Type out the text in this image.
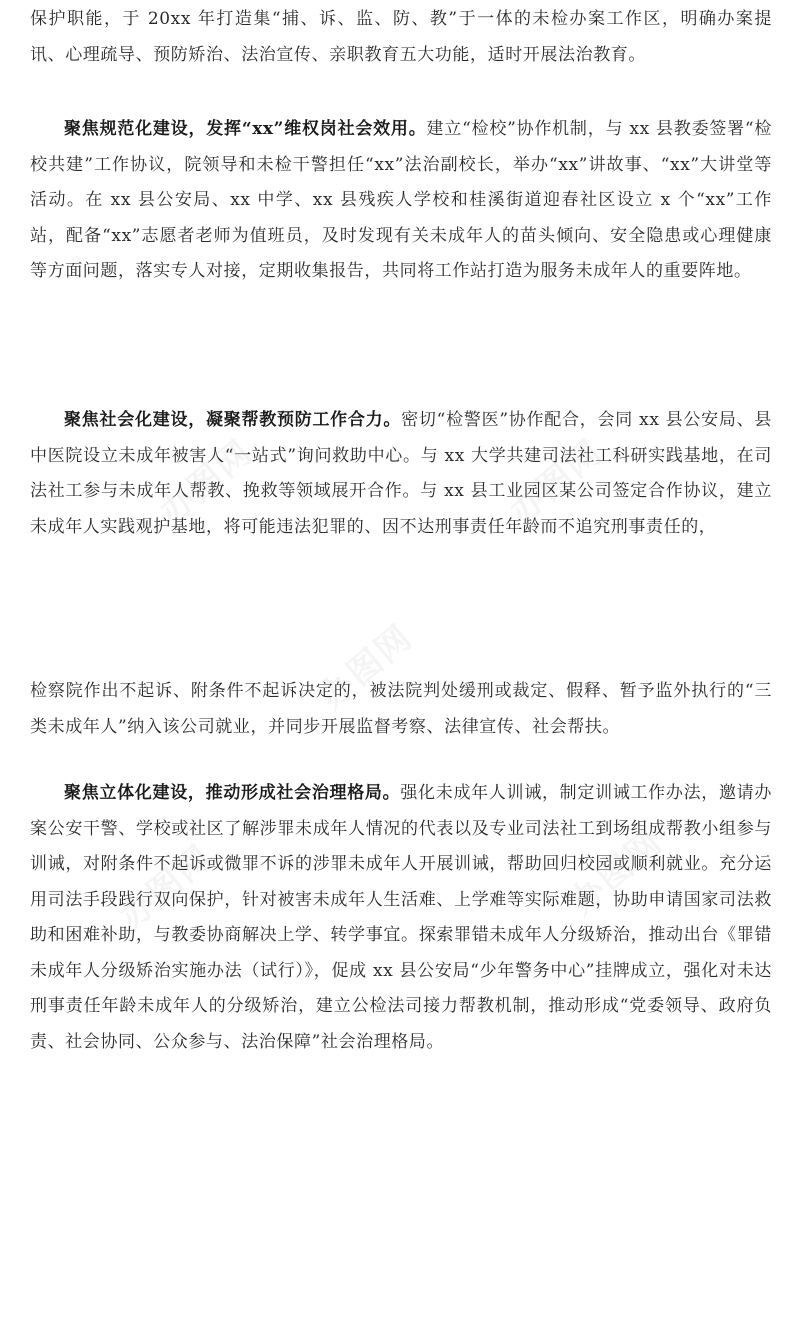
保护职能，于 20xx 年打造集“捕、诉、监、防、教”于一体的未检办案工作区，明确办案提讯、心理疏导、预防矫治、法治宣传、亲职教育五大功能，适时开展法治教育。

聚焦规范化建设，发挥“xx”维权岗社会效用。建立“检校”协作机制，与 xx 县教委签署“检校共建”工作协议，院领导和未检干警担任“xx”法治副校长，举办“xx”讲故事、“xx”大讲堂等活动。在 xx 县公安局、xx 中学、xx 县残疾人学校和桂溪街道迎春社区设立 x 个“xx”工作站，配备“xx”志愿者老师为值班员，及时发现有关未成年人的苗头倾向、安全隐患或心理健康等方面问题，落实专人对接，定期收集报告，共同将工作站打造为服务未成年人的重要阵地。

聚焦社会化建设，凝聚帮教预防工作合力。密切“检警医”协作配合，会同 xx 县公安局、县中医院设立未成年被害人“一站式”询问救助中心。与 xx 大学共建司法社工科研实践基地，在司法社工参与未成年人帮教、挽救等领域展开合作。与 xx 县工业园区某公司签定合作协议，建立未成年人实践观护基地，将可能违法犯罪的、因不达刑事责任年龄而不追究刑事责任的，

检察院作出不起诉、附条件不起诉决定的，被法院判处缓刑或裁定、假释、暂予监外执行的“三类未成年人”纳入该公司就业，并同步开展监督考察、法律宣传、社会帮扶。

聚焦立体化建设，推动形成社会治理格局。强化未成年人训诫，制定训诫工作办法，邀请办案公安干警、学校或社区了解涉罪未成年人情况的代表以及专业司法社工到场组成帮教小组参与训诫，对附条件不起诉或微罪不诉的涉罪未成年人开展训诫，帮助回归校园或顺利就业。充分运用司法手段践行双向保护，针对被害未成年人生活难、上学难等实际难题，协助申请国家司法救助和困难补助，与教委协商解决上学、转学事宜。探索罪错未成年人分级矫治，推动出台《罪错未成年人分级矫治实施办法（试行）》，促成 xx 县公安局“少年警务中心”挂牌成立，强化对未达刑事责任年龄未成年人的分级矫治，建立公检法司接力帮教机制，推动形成“党委领导、政府负责、社会协同、公众参与、法治保障”社会治理格局。

办图网	办图网
办图网
办图网	办图网
